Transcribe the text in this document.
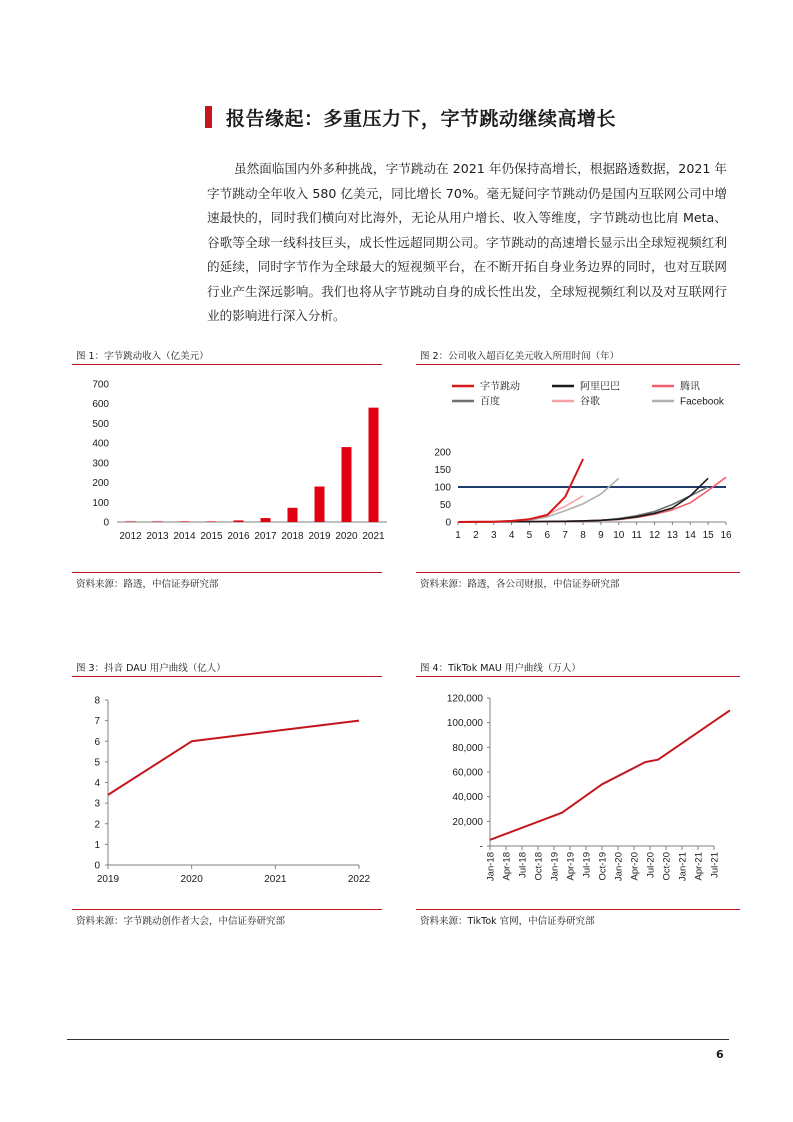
报告缘起：多重压力下，字节跳动继续高增长

虽然面临国内外多种挑战，字节跳动在 2021 年仍保持高增长，根据路透数据，2021 年字节跳动全年收入 580 亿美元，同比增长 70%。毫无疑问字节跳动仍是国内互联网公司中增速最快的，同时我们横向对比海外，无论从用户增长、收入等维度，字节跳动也比肩 Meta、谷歌等全球一线科技巨头，成长性远超同期公司。字节跳动的高速增长显示出全球短视频红利的延续，同时字节作为全球最大的短视频平台，在不断开拓自身业务边界的同时，也对互联网行业产生深远影响。我们也将从字节跳动自身的成长性出发，全球短视频红利以及对互联网行业的影响进行深入分析。

图 1：字节跳动收入（亿美元）
0
100
200
300
400
500
600
700
2012 2013 2014 2015 2016 2017 2018 2019 2020 2021
资料来源：路透，中信证券研究部
图 2：公司收入超百亿美元收入所用时间（年）
字节跳动	阿里巴巴	腾讯
百度	谷歌	Facebook
0
50
100
150
200
1 2 3 4 5 6 7 8 9 10 11 12 13 14 15 16
资料来源：路透，各公司财报，中信证券研究部
图 3：抖音 DAU 用户曲线（亿人）
0
1
2
3
4
5
6
7
8
2019	2020	2021	2022
资料来源：字节跳动创作者大会，中信证券研究部
图 4：TikTok MAU 用户曲线（万人）
-
20,000
40,000
60,000
80,000
100,000
120,000
Jan-18 Apr-18 Jul-18 Oct-18 Jan-19 Apr-19 Jul-19 Oct-19 Jan-20 Apr-20 Jul-20 Oct-20 Jan-21 Apr-21 Jul-21
资料来源：TikTok 官网，中信证券研究部
6
